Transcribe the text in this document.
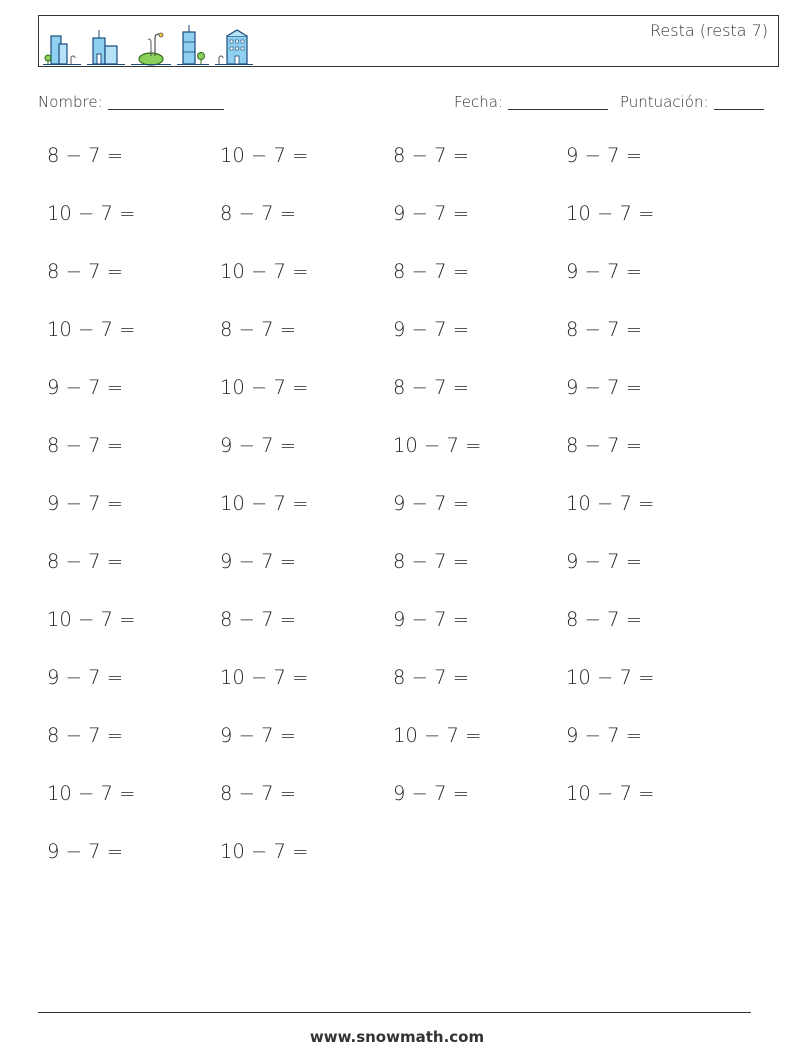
Resta (resta 7)
Nombre:	Fecha:	Puntuación:
8 − 7 =	10 − 7 =	8 − 7 =	9 − 7 =
10 − 7 =	8 − 7 =	9 − 7 =	10 − 7 =
8 − 7 =	10 − 7 =	8 − 7 =	9 − 7 =
10 − 7 =	8 − 7 =	9 − 7 =	8 − 7 =
9 − 7 =	10 − 7 =	8 − 7 =	9 − 7 =
8 − 7 =	9 − 7 =	10 − 7 =	8 − 7 =
9 − 7 =	10 − 7 =	9 − 7 =	10 − 7 =
8 − 7 =	9 − 7 =	8 − 7 =	9 − 7 =
10 − 7 =	8 − 7 =	9 − 7 =	8 − 7 =
9 − 7 =	10 − 7 =	8 − 7 =	10 − 7 =
8 − 7 =	9 − 7 =	10 − 7 =	9 − 7 =
10 − 7 =	8 − 7 =	9 − 7 =	10 − 7 =
9 − 7 =	10 − 7 =
www.snowmath.com
